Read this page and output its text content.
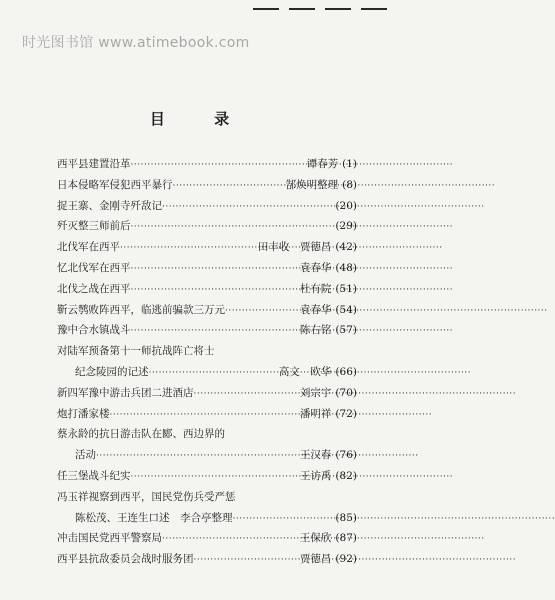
时光图书馆 www.atimebook.com
目 录
西平县建置沿革 ·····	谭春芳 ( 1 )
日本侵略军侵犯西平暴行 ·····	郜焕明整理 ( 8 )
捉王寨、金刚寺歼敌记 ·····	( 20 )
歼灭整三师前后 ·····	( 29 )
北伐军在西平 ·····	田丰收　贾德昌 ( 42 )
忆北伐军在西平 ·····	袁春华 ( 48 )
北伐之战在西平 ·····	杜有院 ( 51 )
靳云鹗败阵西平，临逃前骗款三万元 ·····	袁春华 ( 54 )
豫中合水镇战斗 ·····	陈右铭 ( 57 )
对陆军预备第十一师抗战阵亡将士
纪念陵园的记述 ·····	高文　欧华 ( 66 )
新四军豫中游击兵团二进酒店 ·····	刘宗宇 ( 70 )
炮打潘家楼 ·····	潘明祥 ( 72 )
蔡永龄的抗日游击队在郾、西边界的
活动 ·····	王汉春 ( 76 )
任三堡战斗纪实 ·····	王访禹 ( 82 )
冯玉祥视察到西平，国民党伤兵受严惩
陈松茂、王连生口述　李合亭整理 ·····	( 85 )
冲击国民党西平警察局 ·····	王保欣 ( 87 )
西平县抗敌委员会战时服务团 ·····	贾德昌 ( 92 )
